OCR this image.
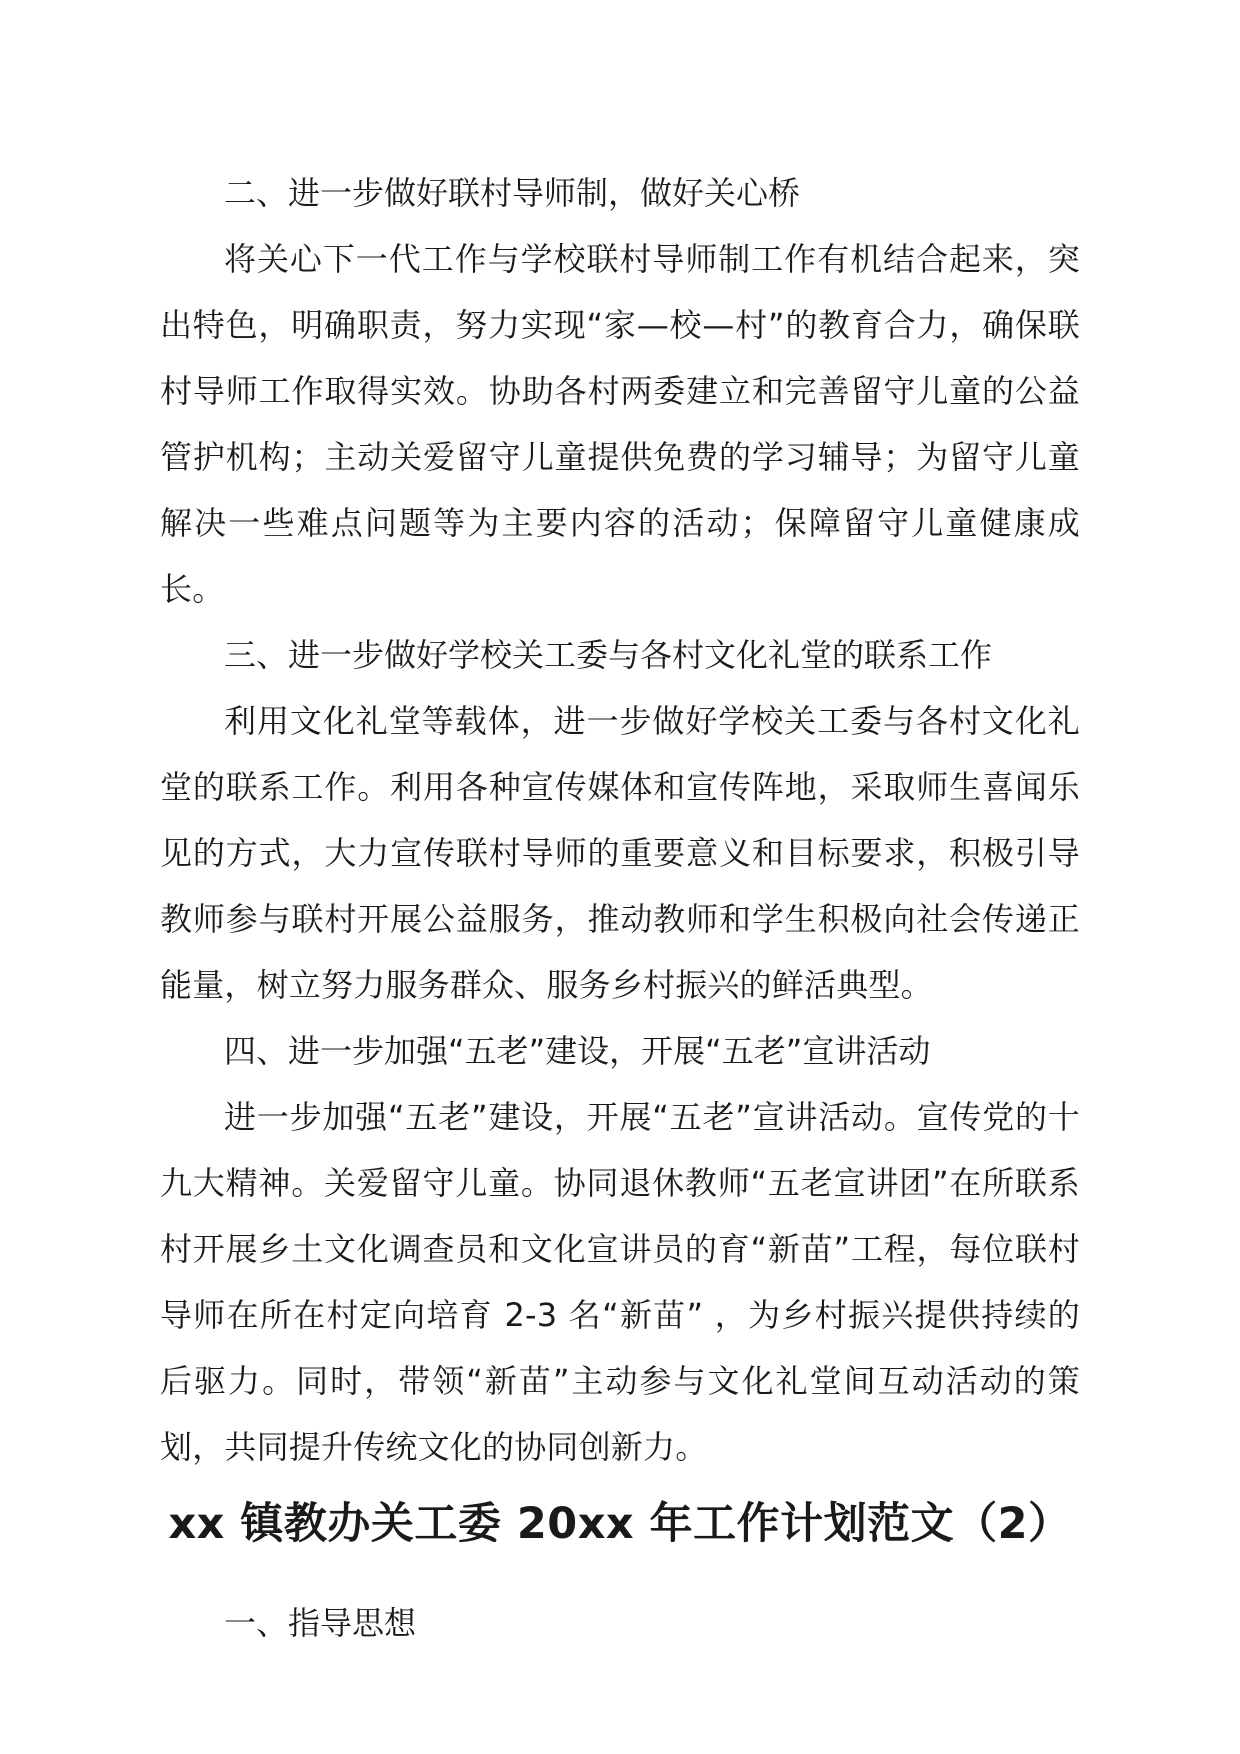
二、进一步做好联村导师制，做好关心桥

将关心下一代工作与学校联村导师制工作有机结合起来，突出特色，明确职责，努力实现“家—校—村”的教育合力，确保联村导师工作取得实效。协助各村两委建立和完善留守儿童的公益管护机构；主动关爱留守儿童提供免费的学习辅导；为留守儿童解决一些难点问题等为主要内容的活动；保障留守儿童健康成长。

三、进一步做好学校关工委与各村文化礼堂的联系工作

利用文化礼堂等载体，进一步做好学校关工委与各村文化礼堂的联系工作。利用各种宣传媒体和宣传阵地，采取师生喜闻乐见的方式，大力宣传联村导师的重要意义和目标要求，积极引导教师参与联村开展公益服务，推动教师和学生积极向社会传递正能量，树立努力服务群众、服务乡村振兴的鲜活典型。

四、进一步加强“五老”建设，开展“五老”宣讲活动

进一步加强“五老”建设，开展“五老”宣讲活动。宣传党的十九大精神。关爱留守儿童。协同退休教师“五老宣讲团”在所联系村开展乡土文化调查员和文化宣讲员的育“新苗”工程，每位联村导师在所在村定向培育 2-3 名“新苗” ，为乡村振兴提供持续的后驱力。同时，带领“新苗”主动参与文化礼堂间互动活动的策划，共同提升传统文化的协同创新力。

xx 镇教办关工委 20xx 年工作计划范文（2）

一、指导思想
